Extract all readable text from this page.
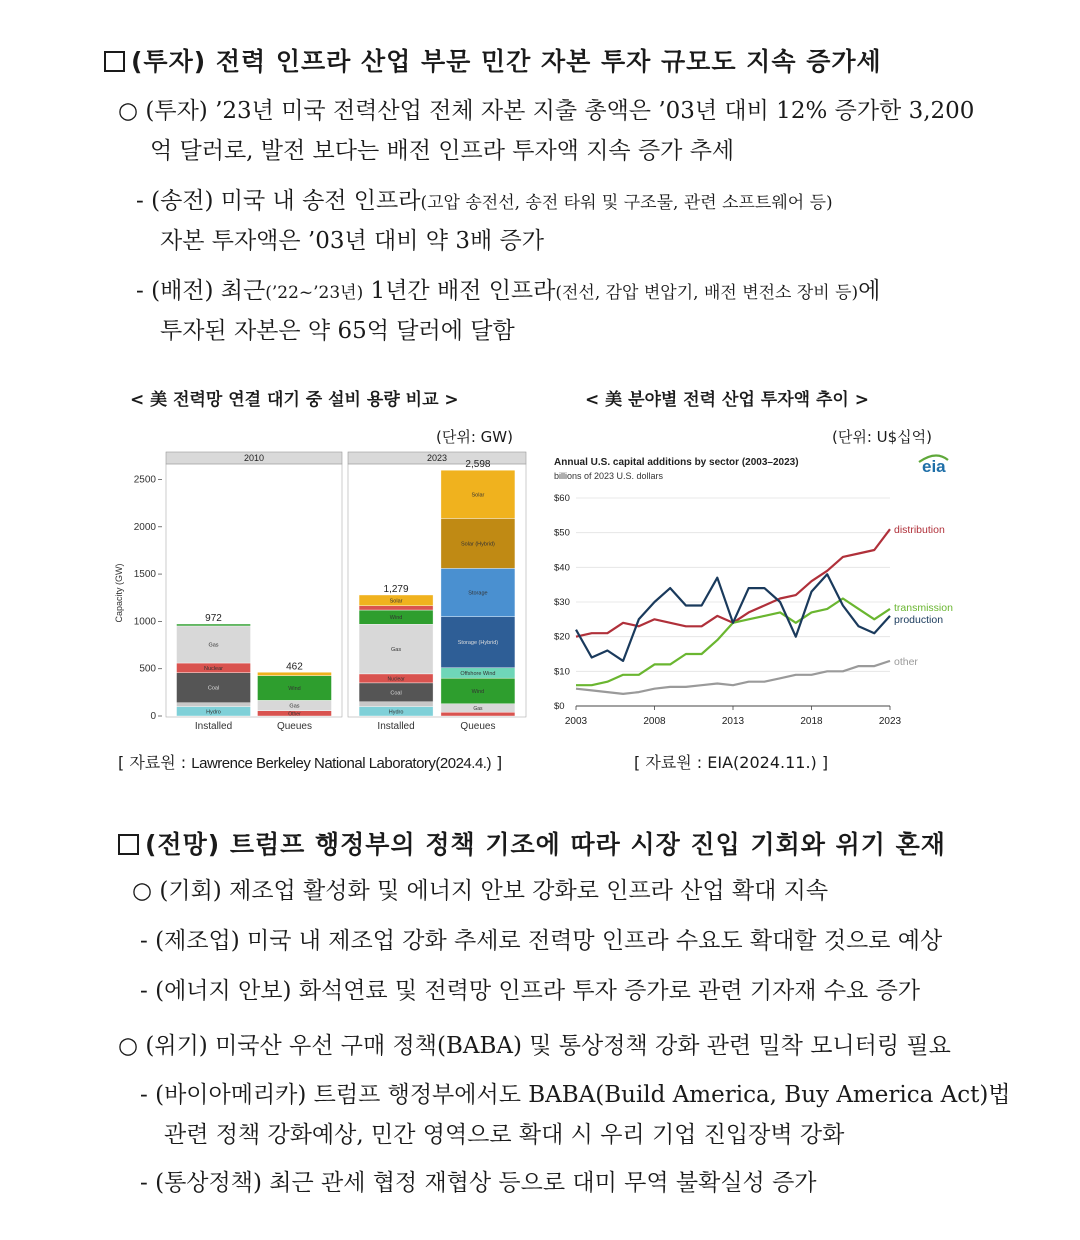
(투자) 전력 인프라 산업 부문 민간 자본 투자 규모도 지속 증가세
○ (투자) ’23년 미국 전력산업 전체 자본 지출 총액은 ’03년 대비 12% 증가한 3,200
억 달러로, 발전 보다는 배전 인프라 투자액 지속 증가 추세
- (송전) 미국 내 송전 인프라(고압 송전선, 송전 타워 및 구조물, 관련 소프트웨어 등)
자본 투자액은 ’03년 대비 약 3배 증가
- (배전) 최근(’22~’23년) 1년간 배전 인프라(전선, 감압 변압기, 배전 변전소 장비 등)에
투자된 자본은 약 65억 달러에 달함
< 美 전력망 연결 대기 중 설비 용량 비교 >	< 美 분야별 전력 산업 투자액 추이 >
(단위: GW)	(단위: U$십억)
Capacity (GW)
0
500
1000
1500
2000
2500
2010
Hydro
Coal
Nuclear
Gas
972
Installed
Other
Gas
Wind
462
Queues
2023
Hydro
Coal
Nuclear
Gas
Wind
Solar
1,279
Installed
Gas
Wind
Offshore Wind
Storage (Hybrid)
Storage
Solar (Hybrid)
Solar
2,598
Queues
Annual U.S. capital additions by sector (2003–2023)
billions of 2023 U.S. dollars	eia
$0
$10
$20
$30
$40
$50
$60
2003	2008	2013	2018	2023
distribution
transmission
production
other
[ 자료원 : Lawrence Berkeley National Laboratory(2024.4.) ]	[ 자료원 : EIA(2024.11.) ]
(전망) 트럼프 행정부의 정책 기조에 따라 시장 진입 기회와 위기 혼재
○ (기회) 제조업 활성화 및 에너지 안보 강화로 인프라 산업 확대 지속
- (제조업) 미국 내 제조업 강화 추세로 전력망 인프라 수요도 확대할 것으로 예상
- (에너지 안보) 화석연료 및 전력망 인프라 투자 증가로 관련 기자재 수요 증가
○ (위기) 미국산 우선 구매 정책(BABA) 및 통상정책 강화 관련 밀착 모니터링 필요
- (바이아메리카) 트럼프 행정부에서도 BABA(Build America, Buy America Act)법
관련 정책 강화예상, 민간 영역으로 확대 시 우리 기업 진입장벽 강화
- (통상정책) 최근 관세 협정 재협상 등으로 대미 무역 불확실성 증가
